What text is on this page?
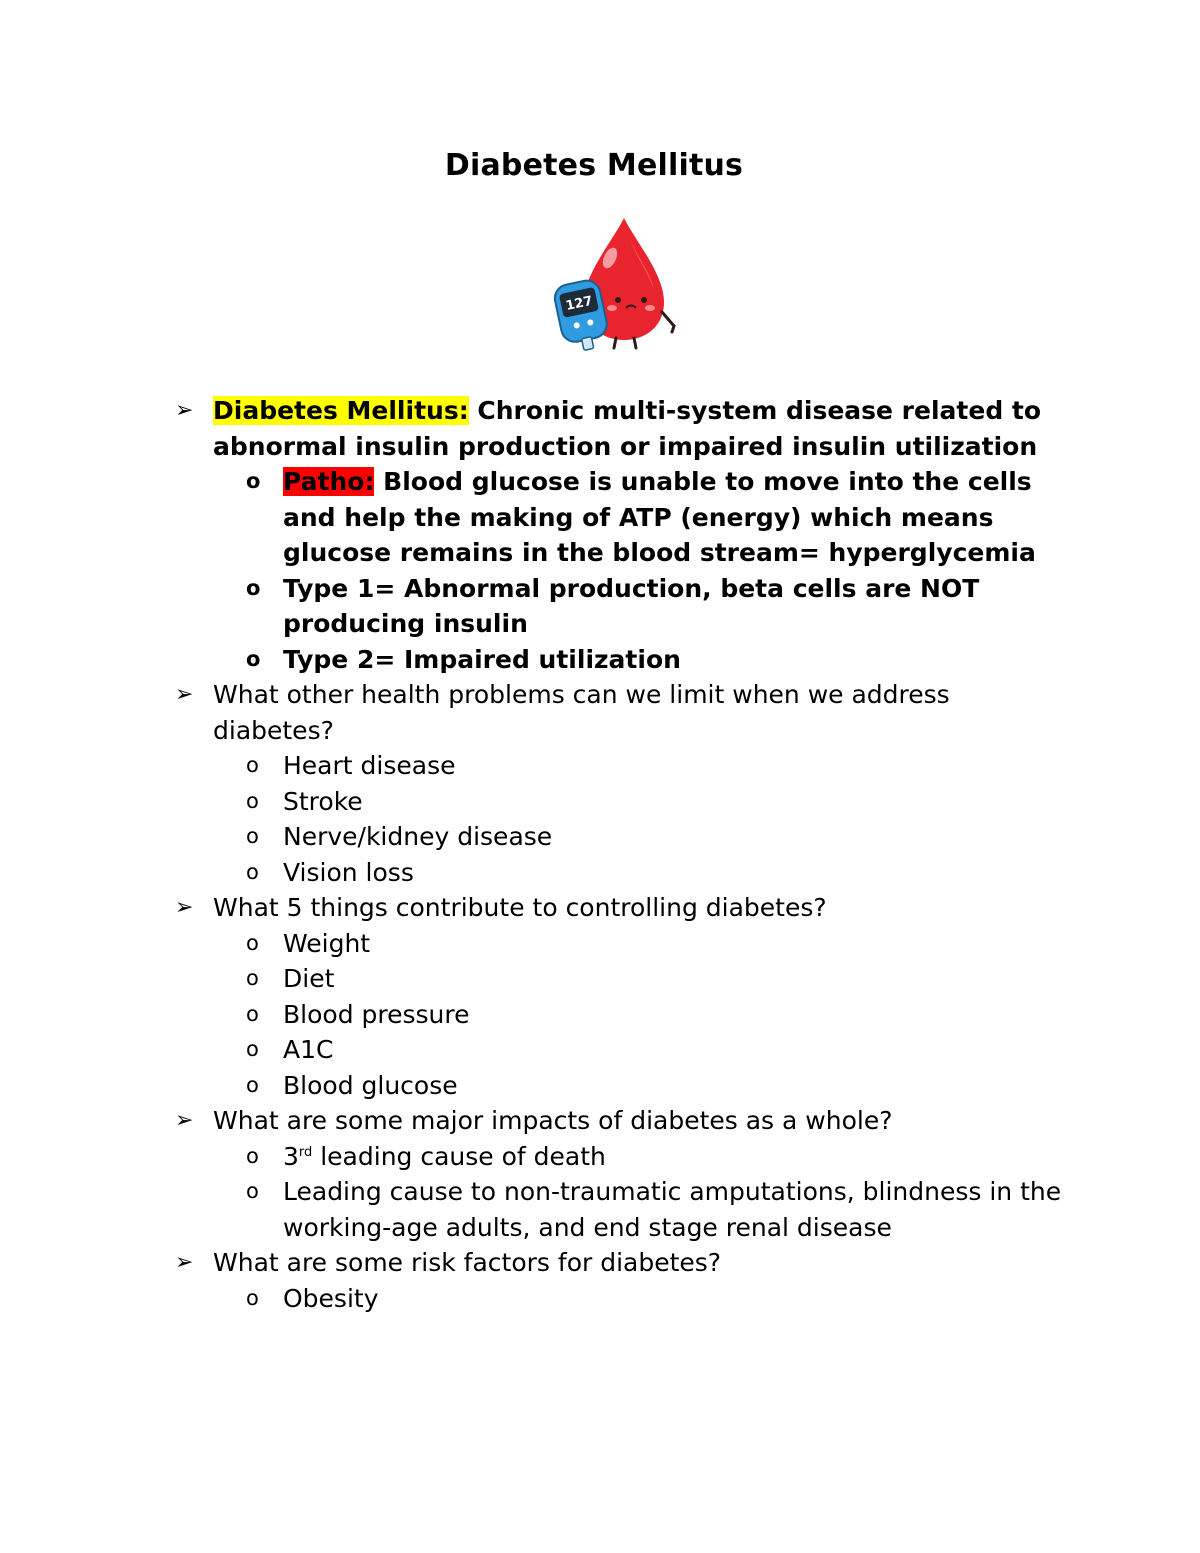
Diabetes Mellitus
127
➢ Diabetes Mellitus: Chronic multi-system disease related to abnormal insulin production or impaired insulin utilization
o Patho: Blood glucose is unable to move into the cells and help the making of ATP (energy) which means glucose remains in the blood stream= hyperglycemia
o Type 1= Abnormal production, beta cells are NOT producing insulin
o Type 2= Impaired utilization
➢ What other health problems can we limit when we address diabetes?
o Heart disease
o Stroke
o Nerve/kidney disease
o Vision loss
➢ What 5 things contribute to controlling diabetes?
o Weight
o Diet
o Blood pressure
o A1C
o Blood glucose
➢ What are some major impacts of diabetes as a whole?
o 3rd leading cause of death
o Leading cause to non-traumatic amputations, blindness in the working-age adults, and end stage renal disease
➢ What are some risk factors for diabetes?
o Obesity
